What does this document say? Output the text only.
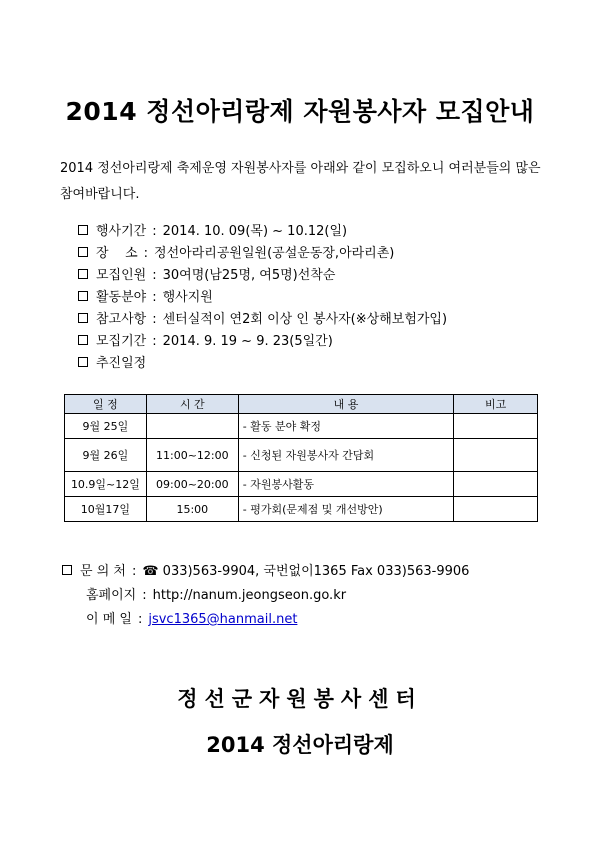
2014 정선아리랑제 자원봉사자 모집안내
2014 정선아리랑제 축제운영 자원봉사자를 아래와 같이 모집하오니 여러분들의 많은 참여바랍니다.
행사기간 : 2014. 10. 09(목) ~ 10.12(일)
장    소 : 정선아라리공원일원(공설운동장,아라리촌)
모집인원 : 30여명(남25명, 여5명)선착순
활동분야 : 행사지원
참고사항 : 센터실적이 연2회 이상 인 봉사자(※상해보험가입)
모집기간 : 2014. 9. 19 ~ 9. 23(5일간)
추진일정
일 정	시 간	내 용	비고
9월 25일		- 활동 분야 확정	
9월 26일	11:00~12:00	- 신청된 자원봉사자 간담회	
10.9일~12일	09:00~20:00	- 자원봉사활동	
10월17일	15:00	- 평가회(문제점 및 개선방안)	
문 의 처 : ☎ 033)563-9904, 국번없이1365 Fax 033)563-9906
홈페이지 : http://nanum.jeongseon.go.kr
이 메 일 : jsvc1365@hanmail.net
정선군자원봉사센터
2014 정선아리랑제
